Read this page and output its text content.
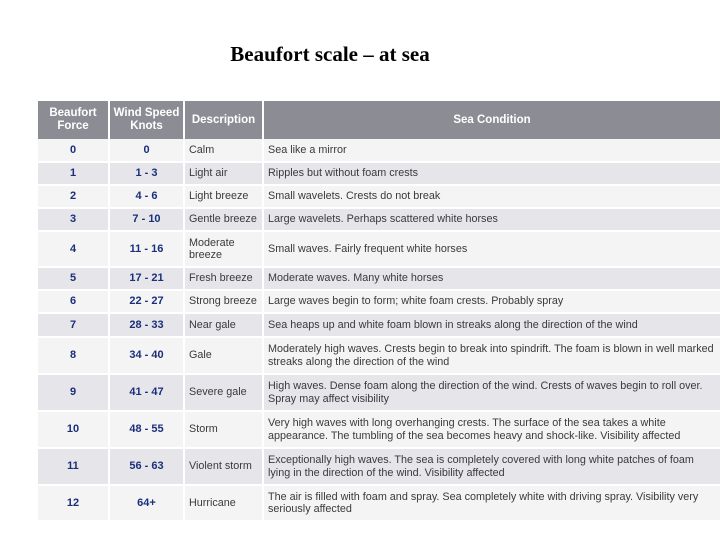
Beaufort scale – at sea
Beaufort Force	Wind Speed Knots	Description	Sea Condition
0	0	Calm	Sea like a mirror
1	1 - 3	Light air	Ripples but without foam crests
2	4 - 6	Light breeze	Small wavelets. Crests do not break
3	7 - 10	Gentle breeze	Large wavelets. Perhaps scattered white horses
4	11 - 16	Moderate breeze	Small waves. Fairly frequent white horses
5	17 - 21	Fresh breeze	Moderate waves. Many white horses
6	22 - 27	Strong breeze	Large waves begin to form; white foam crests. Probably spray
7	28 - 33	Near gale	Sea heaps up and white foam blown in streaks along the direction of the wind
8	34 - 40	Gale	Moderately high waves. Crests begin to break into spindrift. The foam is blown in well marked streaks along the direction of the wind
9	41 - 47	Severe gale	High waves. Dense foam along the direction of the wind. Crests of waves begin to roll over. Spray may affect visibility
10	48 - 55	Storm	Very high waves with long overhanging crests. The surface of the sea takes a white appearance. The tumbling of the sea becomes heavy and shock-like. Visibility affected
11	56 - 63	Violent storm	Exceptionally high waves. The sea is completely covered with long white patches of foam lying in the direction of the wind. Visibility affected
12	64+	Hurricane	The air is filled with foam and spray. Sea completely white with driving spray. Visibility very seriously affected
